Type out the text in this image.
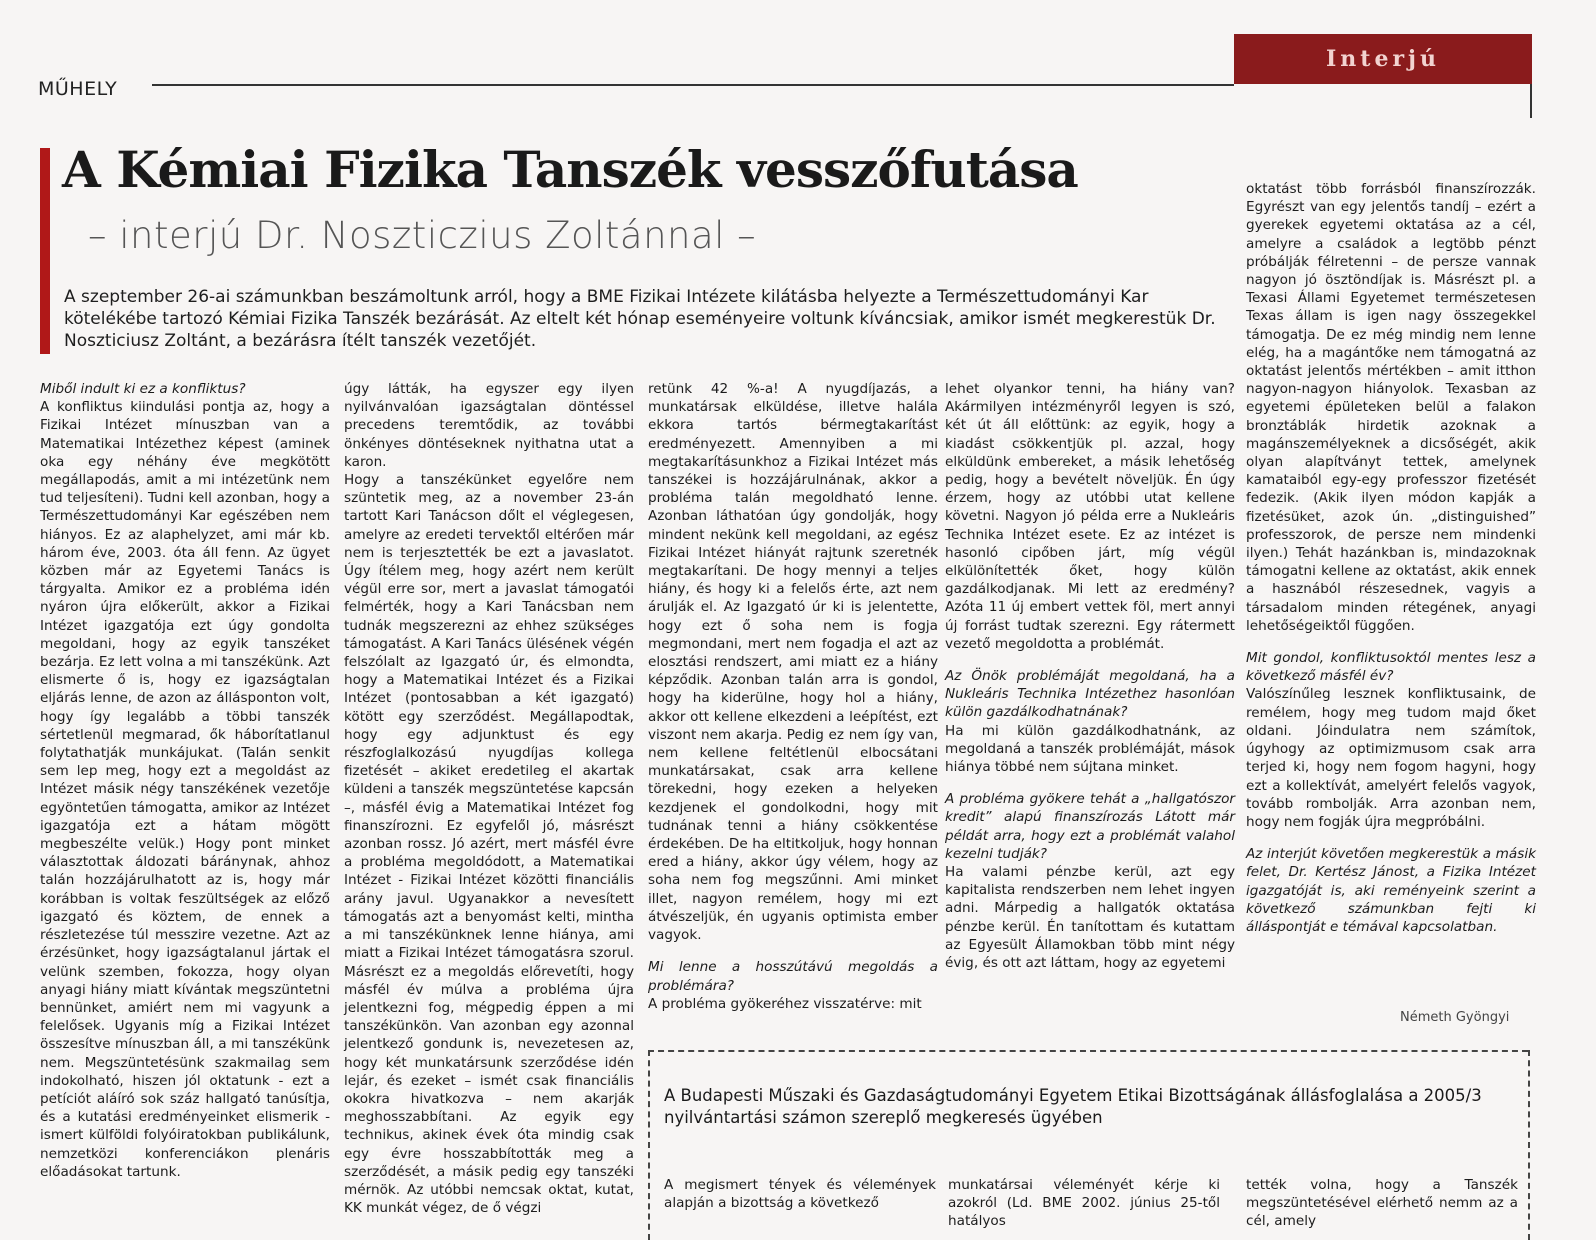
MŰHELY
Interjú
A Kémiai Fizika Tanszék vesszőfutása
– interjú Dr. Noszticzius Zoltánnal –
A szeptember 26-ai számunkban beszámoltunk arról, hogy a BME Fizikai Intézete kilátásba helyezte a Természettudományi Kar kötelékébe tartozó Kémiai Fizika Tanszék bezárását. Az eltelt két hónap eseményeire voltunk kíváncsiak, amikor ismét megkerestük Dr. Noszticiusz Zoltánt, a bezárásra ítélt tanszék vezetőjét.

Miből indult ki ez a konfliktus?

A konfliktus kiindulási pontja az, hogy a Fizikai Intézet mínuszban van a Matematikai Intézethez képest (aminek oka egy néhány éve megkötött megállapodás, amit a mi intézetünk nem tud teljesíteni). Tudni kell azonban, hogy a Természettudományi Kar egészében nem hiányos. Ez az alaphelyzet, ami már kb. három éve, 2003. óta áll fenn. Az ügyet közben már az Egyetemi Tanács is tárgyalta. Amikor ez a probléma idén nyáron újra előkerült, akkor a Fizikai Intézet igazgatója ezt úgy gondolta megoldani, hogy az egyik tanszéket bezárja. Ez lett volna a mi tanszékünk. Azt elismerte ő is, hogy ez igazságtalan eljárás lenne, de azon az állásponton volt, hogy így legalább a többi tanszék sértetlenül megmarad, ők háborítatlanul folytathatják munkájukat. (Talán senkit sem lep meg, hogy ezt a megoldást az Intézet másik négy tanszékének vezetője egyöntetűen támogatta, amikor az Intézet igazgatója ezt a hátam mögött megbeszélte velük.) Hogy pont minket választottak áldozati báránynak, ahhoz talán hozzájárulhatott az is, hogy már korábban is voltak feszültségek az előző igazgató és köztem, de ennek a részletezése túl messzire vezetne. Azt az érzésünket, hogy igazságtalanul jártak el velünk szemben, fokozza, hogy olyan anyagi hiány miatt kívántak megszüntetni bennünket, amiért nem mi vagyunk a felelősek. Ugyanis míg a Fizikai Intézet összesítve mínuszban áll, a mi tanszékünk nem. Megszüntetésünk szakmailag sem indokolható, hiszen jól oktatunk - ezt a petíciót aláíró sok száz hallgató tanúsítja, és a kutatási eredményeinket elismerik - ismert külföldi folyóiratokban publikálunk, nemzetközi konferenciákon plenáris előadásokat tartunk.

úgy látták, ha egyszer egy ilyen nyilvánvalóan igazságtalan döntéssel precedens teremtődik, az további önkényes döntéseknek nyithatna utat a karon.

Hogy a tanszékünket egyelőre nem szüntetik meg, az a november 23-án tartott Kari Tanácson dőlt el véglegesen, amelyre az eredeti tervektől eltérően már nem is terjesztették be ezt a javaslatot. Úgy ítélem meg, hogy azért nem került végül erre sor, mert a javaslat támogatói felmérték, hogy a Kari Tanácsban nem tudnák megszerezni az ehhez szükséges támogatást. A Kari Tanács ülésének végén felszólalt az Igazgató úr, és elmondta, hogy a Matematikai Intézet és a Fizikai Intézet (pontosabban a két igazgató) kötött egy szerződést. Megállapodtak, hogy egy adjunktust és egy részfoglalkozású nyugdíjas kollega fizetését – akiket eredetileg el akartak küldeni a tanszék megszüntetése kapcsán –, másfél évig a Matematikai Intézet fog finanszírozni. Ez egyfelől jó, másrészt azonban rossz. Jó azért, mert másfél évre a probléma megoldódott, a Matematikai Intézet - Fizikai Intézet közötti financiális arány javul. Ugyanakkor a nevesített támogatás azt a benyomást kelti, mintha a mi tanszékünknek lenne hiánya, ami miatt a Fizikai Intézet támogatásra szorul. Másrészt ez a megoldás előrevetíti, hogy másfél év múlva a probléma újra jelentkezni fog, mégpedig éppen a mi tanszékünkön. Van azonban egy azonnal jelentkező gondunk is, nevezetesen az, hogy két munkatársunk szerződése idén lejár, és ezeket – ismét csak financiális okokra hivatkozva – nem akarják meghosszabbítani. Az egyik egy technikus, akinek évek óta mindig csak egy évre hosszabbították meg a szerződését, a másik pedig egy tanszéki mérnök. Az utóbbi nemcsak oktat, kutat, KK munkát végez, de ő végzi

retünk 42 %-a! A nyugdíjazás, a munkatársak elküldése, illetve halála ekkora tartós bérmegtakarítást eredményezett. Amennyiben a mi megtakarításunkhoz a Fizikai Intézet más tanszékei is hozzájárulnának, akkor a probléma talán megoldható lenne. Azonban láthatóan úgy gondolják, hogy mindent nekünk kell megoldani, az egész Fizikai Intézet hiányát rajtunk szeretnék megtakarítani. De hogy mennyi a teljes hiány, és hogy ki a felelős érte, azt nem árulják el. Az Igazgató úr ki is jelentette, hogy ezt ő soha nem is fogja megmondani, mert nem fogadja el azt az elosztási rendszert, ami miatt ez a hiány képződik. Azonban talán arra is gondol, hogy ha kiderülne, hogy hol a hiány, akkor ott kellene elkezdeni a leépítést, ezt viszont nem akarja. Pedig ez nem így van, nem kellene feltétlenül elbocsátani munkatársakat, csak arra kellene törekedni, hogy ezeken a helyeken kezdjenek el gondolkodni, hogy mit tudnának tenni a hiány csökkentése érdekében. De ha eltitkoljuk, hogy honnan ered a hiány, akkor úgy vélem, hogy az soha nem fog megszűnni. Ami minket illet, nagyon remélem, hogy mi ezt átvészeljük, én ugyanis optimista ember vagyok.

Mi lenne a hosszútávú megoldás a problémára?

A probléma gyökeréhez visszatérve: mit

lehet olyankor tenni, ha hiány van? Akármilyen intézményről legyen is szó, két út áll előttünk: az egyik, hogy a kiadást csökkentjük pl. azzal, hogy elküldünk embereket, a másik lehetőség pedig, hogy a bevételt növeljük. Én úgy érzem, hogy az utóbbi utat kellene követni. Nagyon jó példa erre a Nukleáris Technika Intézet esete. Ez az intézet is hasonló cipőben járt, míg végül elkülönítették őket, hogy külön gazdálkodjanak. Mi lett az eredmény? Azóta 11 új embert vettek föl, mert annyi új forrást tudtak szerezni. Egy rátermett vezető megoldotta a problémát.

Az Önök problémáját megoldaná, ha a Nukleáris Technika Intézethez hasonlóan külön gazdálkodhatnának?

Ha mi külön gazdálkodhatnánk, az megoldaná a tanszék problémáját, mások hiánya többé nem sújtana minket.

A probléma gyökere tehát a „hallgatószor kredit” alapú finanszírozás Látott már példát arra, hogy ezt a problémát valahol kezelni tudják?

Ha valami pénzbe kerül, azt egy kapitalista rendszerben nem lehet ingyen adni. Márpedig a hallgatók oktatása pénzbe kerül. Én tanítottam és kutattam az Egyesült Államokban több mint négy évig, és ott azt láttam, hogy az egyetemi

oktatást több forrásból finanszírozzák. Egyrészt van egy jelentős tandíj – ezért a gyerekek egyetemi oktatása az a cél, amelyre a családok a legtöbb pénzt próbálják félretenni – de persze vannak nagyon jó ösztöndíjak is. Másrészt pl. a Texasi Állami Egyetemet természetesen Texas állam is igen nagy összegekkel támogatja. De ez még mindig nem lenne elég, ha a magántőke nem támogatná az oktatást jelentős mértékben – amit itthon nagyon-nagyon hiányolok. Texasban az egyetemi épületeken belül a falakon bronztáblák hirdetik azoknak a magánszemélyeknek a dicsőségét, akik olyan alapítványt tettek, amelynek kamataiból egy-egy professzor fizetését fedezik. (Akik ilyen módon kapják a fizetésüket, azok ún. „distinguished” professzorok, de persze nem mindenki ilyen.) Tehát hazánkban is, mindazoknak támogatni kellene az oktatást, akik ennek a hasznából részesednek, vagyis a társadalom minden rétegének, anyagi lehetőségeiktől függően.

Mit gondol, konfliktusoktól mentes lesz a következő másfél év?

Valószínűleg lesznek konfliktusaink, de remélem, hogy meg tudom majd őket oldani. Jóindulatra nem számítok, úgyhogy az optimizmusom csak arra terjed ki, hogy nem fogom hagyni, hogy ezt a kollektívát, amelyért felelős vagyok, tovább rombolják. Arra azonban nem, hogy nem fogják újra megpróbálni.

Az interjút követően megkerestük a másik felet, Dr. Kertész Jánost, a Fizika Intézet igazgatóját is, aki reményeink szerint a következő számunkban fejti ki álláspontját e témával kapcsolatban.

Németh Gyöngyi
A Budapesti Műszaki és Gazdaságtudományi Egyetem Etikai Bizottságának állásfoglalása a 2005/3 nyilvántartási számon szereplő megkeresés ügyében
A megismert tények és vélemények alapján a bizottság a következő
munkatársai véleményét kérje ki azokról (Ld. BME 2002. június 25-től hatályos
tették volna, hogy a Tanszék megszüntetésével elérhető nemm az a cél, amely
